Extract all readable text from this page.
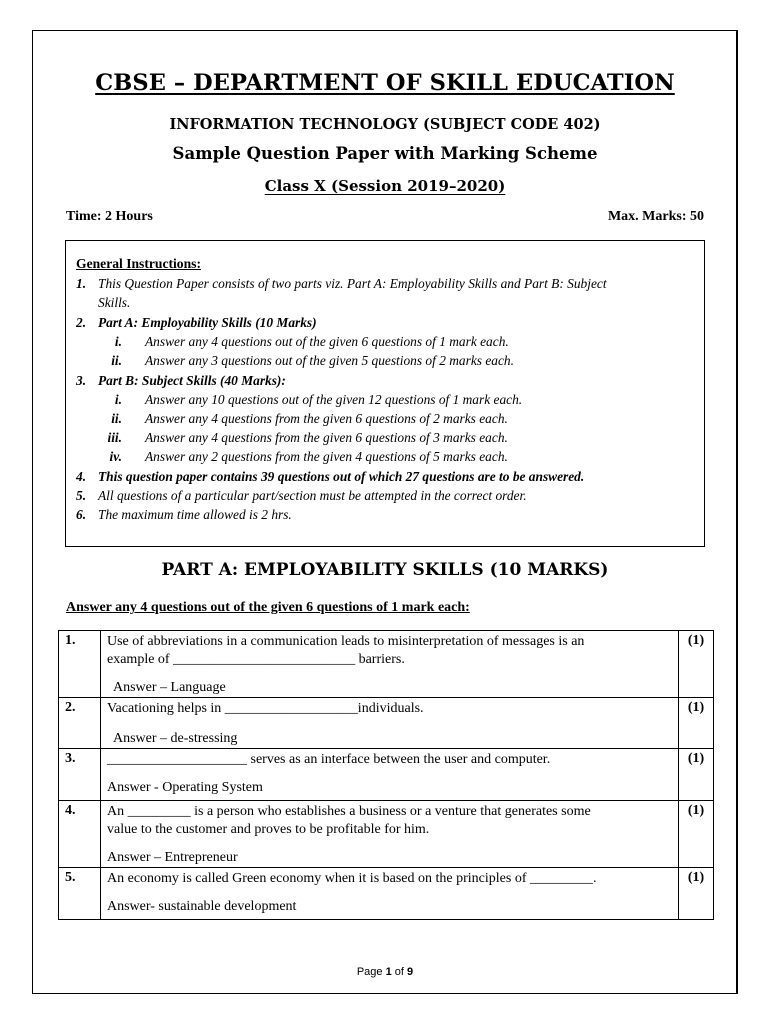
CBSE – DEPARTMENT OF SKILL EDUCATION
INFORMATION TECHNOLOGY (SUBJECT CODE 402)
Sample Question Paper with Marking Scheme
Class X (Session 2019–2020)
Time: 2 Hours	Max. Marks: 50
General Instructions:
1. This Question Paper consists of two parts viz. Part A: Employability Skills and Part B: Subject
Skills.
2. Part A: Employability Skills (10 Marks)
i. Answer any 4 questions out of the given 6 questions of 1 mark each.
ii. Answer any 3 questions out of the given 5 questions of 2 marks each.
3. Part B: Subject Skills (40 Marks):
i. Answer any 10 questions out of the given 12 questions of 1 mark each.
ii. Answer any 4 questions from the given 6 questions of 2 marks each.
iii. Answer any 4 questions from the given 6 questions of 3 marks each.
iv. Answer any 2 questions from the given 4 questions of 5 marks each.
4. This question paper contains 39 questions out of which 27 questions are to be answered.
5. All questions of a particular part/section must be attempted in the correct order.
6. The maximum time allowed is 2 hrs.
PART A: EMPLOYABILITY SKILLS (10 MARKS)
Answer any 4 questions out of the given 6 questions of 1 mark each:
1.	Use of abbreviations in a communication leads to misinterpretation of messages is an
example of __________________________ barriers.
Answer – Language	(1)
2.	Vacationing helps in ___________________individuals.
Answer – de-stressing	(1)
3.	____________________ serves as an interface between the user and computer.
Answer - Operating System	(1)
4.	An _________ is a person who establishes a business or a venture that generates some
value to the customer and proves to be profitable for him.
Answer – Entrepreneur	(1)
5.	An economy is called Green economy when it is based on the principles of _________.
Answer- sustainable development	(1)
Page 1 of 9
